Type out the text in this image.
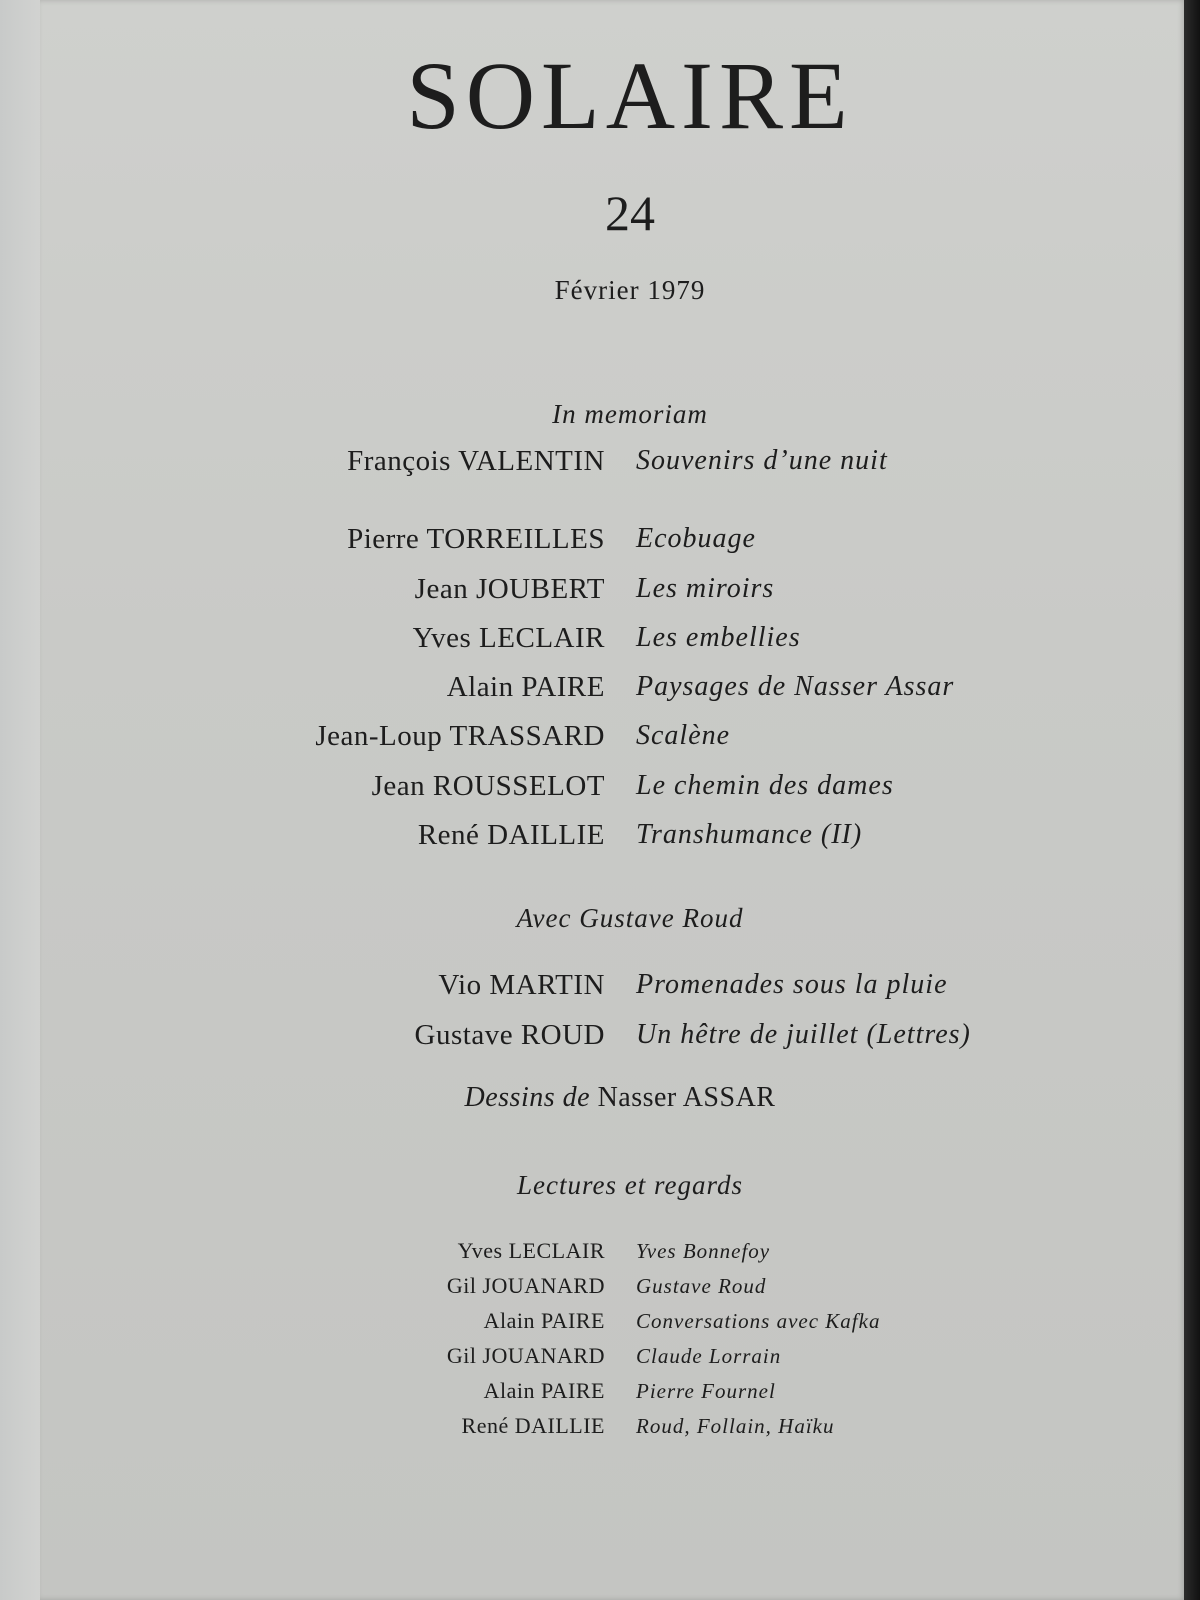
SOLAIRE
24
Février 1979
In memoriam
François VALENTIN Souvenirs d’une nuit
Pierre TORREILLES Ecobuage
Jean JOUBERT Les miroirs
Yves LECLAIR Les embellies
Alain PAIRE Paysages de Nasser Assar
Jean-Loup TRASSARD Scalène
Jean ROUSSELOT Le chemin des dames
René DAILLIE Transhumance (II)
Avec Gustave Roud
Vio MARTIN Promenades sous la pluie
Gustave ROUD Un hêtre de juillet (Lettres)
Dessins de Nasser ASSAR
Lectures et regards
Yves LECLAIR Yves Bonnefoy
Gil JOUANARD Gustave Roud
Alain PAIRE Conversations avec Kafka
Gil JOUANARD Claude Lorrain
Alain PAIRE Pierre Fournel
René DAILLIE Roud, Follain, Haïku
